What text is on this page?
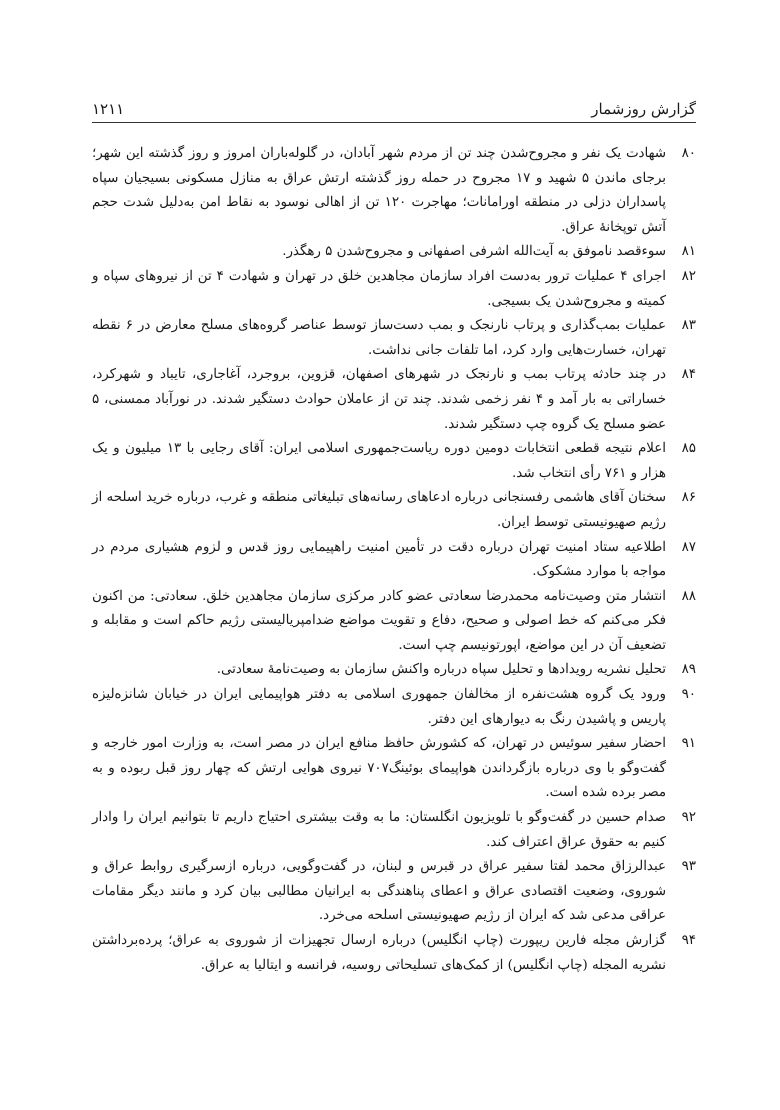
گزارش روزشمار
۱۲۱۱
۸۰
شهادت یک نفر و مجروح‌شدن چند تن از مردم شهر آبادان، در گلوله‌باران امروز و روز گذشته این شهر؛ برجای ماندن ۵ شهید و ۱۷ مجروح در حمله روز گذشته ارتش عراق به منازل مسکونی بسیجیان سپاه پاسداران دزلی در منطقه اورامانات؛ مهاجرت ۱۲۰ تن از اهالی نوسود به نقاط امن به‌دلیل شدت حجم آتش توپخانهٔ عراق.
۸۱
سوءقصد ناموفق به آیت‌الله اشرفی اصفهانی و مجروح‌شدن ۵ رهگذر.
۸۲
اجرای ۴ عملیات ترور به‌دست افراد سازمان مجاهدین خلق در تهران و شهادت ۴ تن از نیروهای سپاه و کمیته و مجروح‌شدن یک بسیجی.
۸۳
عملیات بمب‌گذاری و پرتاب نارنجک و بمب دست‌ساز توسط عناصر گروه‌های مسلح معارض در ۶ نقطه تهران، خسارت‌هایی وارد کرد، اما تلفات جانی نداشت.
۸۴
در چند حادثه پرتاب بمب و نارنجک در شهرهای اصفهان، قزوین، بروجرد، آغاجاری، تایباد و شهرکرد، خساراتی به بار آمد و ۴ نفر زخمی شدند. چند تن از عاملان حوادث دستگیر شدند. در نورآباد ممسنی، ۵ عضو مسلح یک گروه چپ دستگیر شدند.
۸۵
اعلام نتیجه قطعی انتخابات دومین دوره ریاست‌جمهوری اسلامی ایران: آقای رجایی با ۱۳ میلیون و یک هزار و ۷۶۱ رأی انتخاب شد.
۸۶
سخنان آقای هاشمی رفسنجانی درباره ادعاهای رسانه‌های تبلیغاتی منطقه و غرب، درباره خرید اسلحه از رژیم صهیونیستی توسط ایران.
۸۷
اطلاعیه ستاد امنیت تهران درباره دقت در تأمین امنیت راهپیمایی روز قدس و لزوم هشیاری مردم در مواجه با موارد مشکوک.
۸۸
انتشار متن وصیت‌نامه محمدرضا سعادتی عضو کادر مرکزی سازمان مجاهدین خلق. سعادتی: من اکنون فکر می‌کنم که خط اصولی و صحیح، دفاع و تقویت مواضع ضدامپریالیستی رژیم حاکم است و مقابله و تضعیف آن در این مواضع، اپورتونیسم چپ است.
۸۹
تحلیل نشریه رویدادها و تحلیل سپاه درباره واکنش سازمان به وصیت‌نامهٔ سعادتی.
۹۰
ورود یک گروه هشت‌نفره از مخالفان جمهوری اسلامی به دفتر هواپیمایی ایران در خیابان شانزه‌لیزه پاریس و پاشیدن رنگ به دیوارهای این دفتر.
۹۱
احضار سفیر سوئیس در تهران، که کشورش حافظ منافع ایران در مصر است، به وزارت امور خارجه و گفت‌وگو با وی درباره بازگرداندن هواپیمای بوئینگ۷۰۷ نیروی هوایی ارتش که چهار روز قبل ربوده و به مصر برده شده است.
۹۲
صدام حسین در گفت‌وگو با تلویزیون انگلستان: ما به وقت بیشتری احتیاج داریم تا بتوانیم ایران را وادار کنیم به حقوق عراق اعتراف کند.
۹۳
عبدالرزاق محمد لفتا سفیر عراق در قبرس و لبنان، در گفت‌وگویی، درباره ازسرگیری روابط عراق و شوروی، وضعیت اقتصادی عراق و اعطای پناهندگی به ایرانیان مطالبی بیان کرد و مانند دیگر مقامات عراقی مدعی شد که ایران از رژیم صهیونیستی اسلحه می‌خرد.
۹۴
گزارش مجله فارین ریپورت (چاپ انگلیس) درباره ارسال تجهیزات از شوروی به عراق؛ پرده‌برداشتن نشریه المجله (چاپ انگلیس) از کمک‌های تسلیحاتی روسیه، فرانسه و ایتالیا به عراق.
